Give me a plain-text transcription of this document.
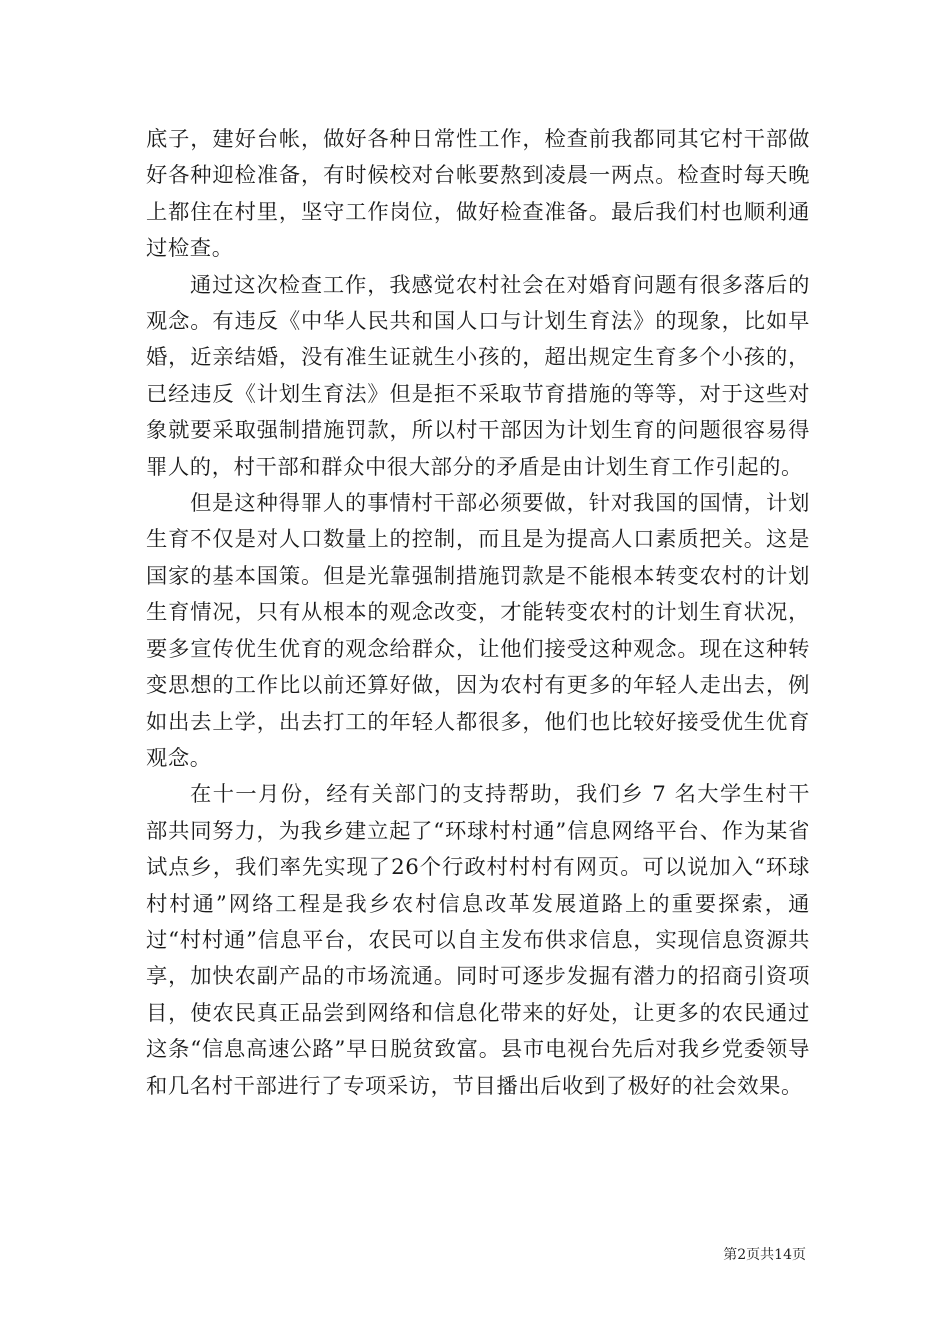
底子，建好台帐，做好各种日常性工作，检查前我都同其它村干部做好各种迎检准备，有时候校对台帐要熬到凌晨一两点。检查时每天晚上都住在村里，坚守工作岗位，做好检查准备。最后我们村也顺利通过检查。

通过这次检查工作，我感觉农村社会在对婚育问题有很多落后的观念。有违反《中华人民共和国人口与计划生育法》的现象，比如早婚，近亲结婚，没有准生证就生小孩的，超出规定生育多个小孩的，已经违反《计划生育法》但是拒不采取节育措施的等等，对于这些对象就要采取强制措施罚款，所以村干部因为计划生育的问题很容易得罪人的，村干部和群众中很大部分的矛盾是由计划生育工作引起的。

但是这种得罪人的事情村干部必须要做，针对我国的国情，计划生育不仅是对人口数量上的控制，而且是为提高人口素质把关。这是国家的基本国策。但是光靠强制措施罚款是不能根本转变农村的计划生育情况，只有从根本的观念改变，才能转变农村的计划生育状况，要多宣传优生优育的观念给群众，让他们接受这种观念。现在这种转变思想的工作比以前还算好做，因为农村有更多的年轻人走出去，例如出去上学，出去打工的年轻人都很多，他们也比较好接受优生优育观念。

在十一月份，经有关部门的支持帮助，我们乡 7 名大学生村干部共同努力，为我乡建立起了“环球村村通”信息网络平台、作为某省试点乡，我们率先实现了26个行政村村村有网页。可以说加入“环球村村通”网络工程是我乡农村信息改革发展道路上的重要探索，通过“村村通”信息平台，农民可以自主发布供求信息，实现信息资源共享，加快农副产品的市场流通。同时可逐步发掘有潜力的招商引资项目，使农民真正品尝到网络和信息化带来的好处，让更多的农民通过这条“信息高速公路”早日脱贫致富。县市电视台先后对我乡党委领导和几名村干部进行了专项采访，节目播出后收到了极好的社会效果。

第2页共14页
